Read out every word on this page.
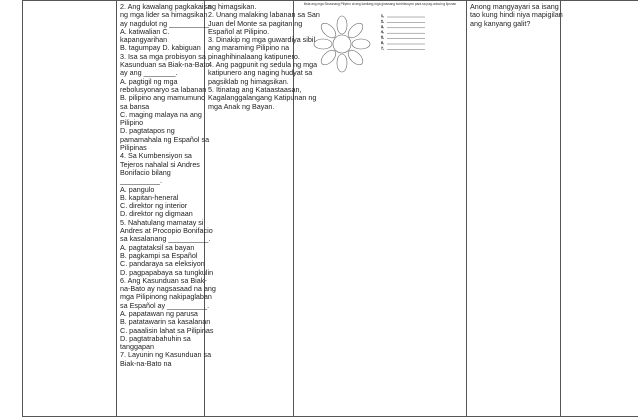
2. Ang kawalang pagkakaisa
ng mga lider sa himagsikan
ay nagdulot ng __________.
A. katiwalian C.
kapangyarihan
B. tagumpay D. kabiguan
3. Isa sa mga probisyon sa
Kasunduan sa Biak-na-Bato
ay ang ________.
A. pagtigil ng mga
rebolusyonaryo sa labanan
B. pilipino ang mamumuno
sa bansa
C. maging malaya na ang
Pilipino
D. pagtatapos ng
pamamahala ng Español sa
Pilipinas
4. Sa Kumbensiyon sa
Tejeros nahalal si Andres
Bonifacio bilang
__________.
A. pangulo
B. kapitan-heneral
C. direktor ng interior
D. direktor ng digmaan
5. Nahatulang mamatay si
Andres at Procopio Bonifacio
sa kasalanang __________.
A. pagtataksil sa bayan
B. pagkampi sa Español
C. pandaraya sa eleksiyon
D. pagpapabaya sa tungkulin
6. Ang Kasunduan sa Biak-
na-Bato ay nagsasaad na ang
mga Pilipinong nakipaglaban
sa Español ay __________.
A. papatawan ng parusa
B. patatawarin sa kasalanan
C. paaalisin lahat sa Pilipinas
D. pagtatrabahuhin sa
tanggapan
7. Layunin ng Kasunduan sa
Biak-na-Bato na

ng himagsikan.
2. Unang malaking labanan sa San
Juan del Monte sa pagitan ng
Español at Pilipino.
3. Dinakip ng mga guwardiya sibil
ang maraming Pilipino na
pinaghihinalaang katipunero.
4. Ang pagpunit ng sedula ng mga
katipunero ang naging hudyat sa
pagsiklab ng himagsikan.
5. Itinatag ang Kataastaasan,
Kagalanggalangang Katipunan ng
mga Anak ng Bayan.

Ilista ang mga Sinaunang Pilipino at ang kanilang mga ginawang kontribusyon para sa pag-unlad ng lipunan
1.
2.
3.
4.
5.
6.
7.

Anong mangyayari sa isang
tao kung hindi niya mapigilan
ang kanyang galit?
